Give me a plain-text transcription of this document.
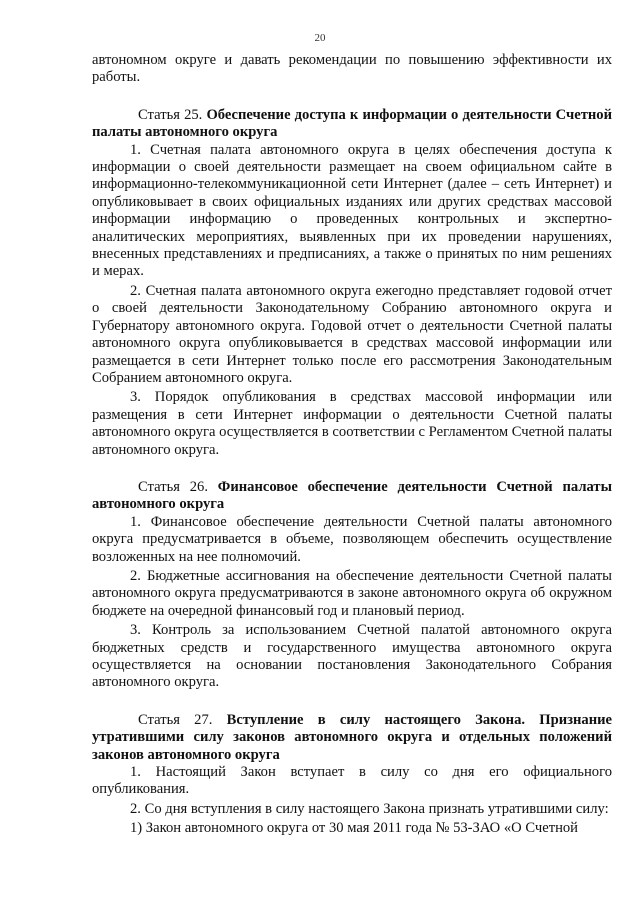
20

автономном округе и давать рекомендации по повышению эффективности их работы.

Статья 25. Обеспечение доступа к информации о деятельности Счетной палаты автономного округа

1. Счетная палата автономного округа в целях обеспечения доступа к информации о своей деятельности размещает на своем официальном сайте в информационно-телекоммуникационной сети Интернет (далее – сеть Интернет) и опубликовывает в своих официальных изданиях или других средствах массовой информации информацию о проведенных контрольных и экспертно-аналитических мероприятиях, выявленных при их проведении нарушениях, внесенных представлениях и предписаниях, а также о принятых по ним решениях и мерах.

2. Счетная палата автономного округа ежегодно представляет годовой отчет о своей деятельности Законодательному Собранию автономного округа и Губернатору автономного округа. Годовой отчет о деятельности Счетной палаты автономного округа опубликовывается в средствах массовой информации или размещается в сети Интернет только после его рассмотрения Законодательным Собранием автономного округа.

3. Порядок опубликования в средствах массовой информации или размещения в сети Интернет информации о деятельности Счетной палаты автономного округа осуществляется в соответствии с Регламентом Счетной палаты автономного округа.

Статья 26. Финансовое обеспечение деятельности Счетной палаты автономного округа

1. Финансовое обеспечение деятельности Счетной палаты автономного округа предусматривается в объеме, позволяющем обеспечить осуществление возложенных на нее полномочий.

2. Бюджетные ассигнования на обеспечение деятельности Счетной палаты автономного округа предусматриваются в законе автономного округа об окружном бюджете на очередной финансовый год и плановый период.

3. Контроль за использованием Счетной палатой автономного округа бюджетных средств и государственного имущества автономного округа осуществляется на основании постановления Законодательного Собрания автономного округа.

Статья 27. Вступление в силу настоящего Закона. Признание утратившими силу законов автономного округа и отдельных положений законов автономного округа

1. Настоящий Закон вступает в силу со дня его официального опубликования.

2. Со дня вступления в силу настоящего Закона признать утратившими силу:

1) Закон автономного округа от 30 мая 2011 года № 53-ЗАО «О Счетной
